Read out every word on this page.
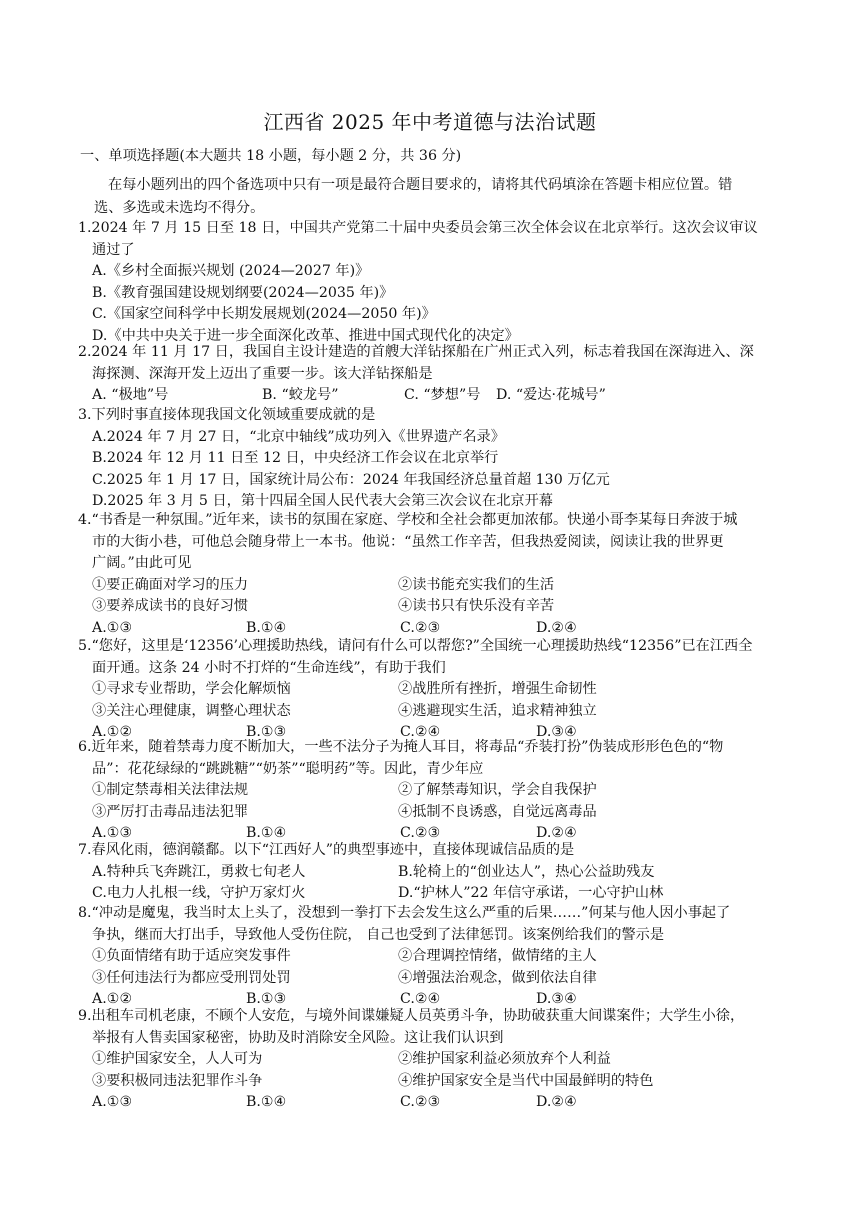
江西省 2025 年中考道德与法治试题
一、单项选择题(本大题共 18 小题，每小题 2 分，共 36 分)
在每小题列出的四个备选项中只有一项是最符合题目要求的，请将其代码填涂在答题卡相应位置。错
选、多选或未选均不得分。
1.2024 年 7 月 15 日至 18 日，中国共产党第二十届中央委员会第三次全体会议在北京举行。这次会议审议
通过了
A.《乡村全面振兴规划 (2024—2027 年)》
B.《教育强国建设规划纲要(2024—2035 年)》
C.《国家空间科学中长期发展规划(2024—2050 年)》
D.《中共中央关于进一步全面深化改革、推进中国式现代化的决定》
2.2024 年 11 月 17 日，我国自主设计建造的首艘大洋钻探船在广州正式入列，标志着我国在深海进入、深
海探测、深海开发上迈出了重要一步。该大洋钻探船是
A. “极地”号	B. “蛟龙号”	C. “梦想”号	D. “爱达·花城号”
3.下列时事直接体现我国文化领域重要成就的是
A.2024 年 7 月 27 日，“北京中轴线”成功列入《世界遗产名录》
B.2024 年 12 月 11 日至 12 日，中央经济工作会议在北京举行
C.2025 年 1 月 17 日，国家统计局公布：2024 年我国经济总量首超 130 万亿元
D.2025 年 3 月 5 日，第十四届全国人民代表大会第三次会议在北京开幕
4.“书香是一种氛围。”近年来，读书的氛围在家庭、学校和全社会都更加浓郁。快递小哥李某每日奔波于城
市的大街小巷，可他总会随身带上一本书。他说：“虽然工作辛苦，但我热爱阅读，阅读让我的世界更
广阔。”由此可见
①要正确面对学习的压力	②读书能充实我们的生活
③要养成读书的良好习惯	④读书只有快乐没有辛苦
A.①③	B.①④	C.②③	D.②④
5.“您好，这里是‘12356’心理援助热线，请问有什么可以帮您?”全国统一心理援助热线“12356”已在江西全
面开通。这条 24 小时不打烊的“生命连线”，有助于我们
①寻求专业帮助，学会化解烦恼	②战胜所有挫折，增强生命韧性
③关注心理健康，调整心理状态	④逃避现实生活，追求精神独立
A.①②	B.①③	C.②④	D.③④
6.近年来，随着禁毒力度不断加大，一些不法分子为掩人耳目，将毒品“乔装打扮”伪装成形形色色的“物
品”：花花绿绿的“跳跳糖”“奶茶”“聪明药”等。因此，青少年应
①制定禁毒相关法律法规	②了解禁毒知识，学会自我保护
③严厉打击毒品违法犯罪	④抵制不良诱惑，自觉远离毒品
A.①③	B.①④	C.②③	D.②④
7.春风化雨，德润赣鄱。以下“江西好人”的典型事迹中，直接体现诚信品质的是
A.特种兵飞奔跳江，勇救七旬老人	B.轮椅上的“创业达人”，热心公益助残友
C.电力人扎根一线，守护万家灯火	D.“护林人”22 年信守承诺，一心守护山林
8.“冲动是魔鬼，我当时太上头了，没想到一拳打下去会发生这么严重的后果……”何某与他人因小事起了
争执，继而大打出手，导致他人受伤住院， 自己也受到了法律惩罚。该案例给我们的警示是
①负面情绪有助于适应突发事件	②合理调控情绪，做情绪的主人
③任何违法行为都应受刑罚处罚	④增强法治观念，做到依法自律
A.①②	B.①③	C.②④	D.③④
9.出租车司机老康，不顾个人安危，与境外间谍嫌疑人员英勇斗争，协助破获重大间谍案件；大学生小徐，
举报有人售卖国家秘密，协助及时消除安全风险。这让我们认识到
①维护国家安全，人人可为	②维护国家利益必须放弃个人利益
③要积极同违法犯罪作斗争	④维护国家安全是当代中国最鲜明的特色
A.①③	B.①④	C.②③	D.②④
